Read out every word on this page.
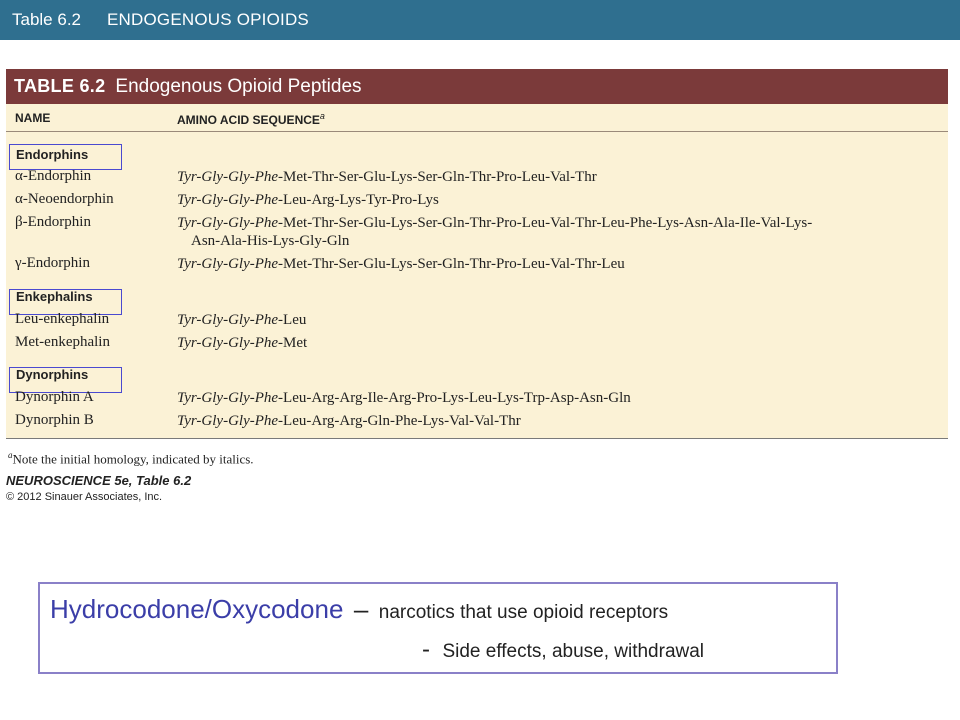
Table 6.2 ENDOGENOUS OPIOIDS
TABLE 6.2 Endogenous Opioid Peptides
NAME	AMINO ACID SEQUENCE$^a$
Endorphins
α-Endorphin	Tyr-Gly-Gly-Phe-Met-Thr-Ser-Glu-Lys-Ser-Gln-Thr-Pro-Leu-Val-Thr
α-Neoendorphin	Tyr-Gly-Gly-Phe-Leu-Arg-Lys-Tyr-Pro-Lys
β-Endorphin	Tyr-Gly-Gly-Phe-Met-Thr-Ser-Glu-Lys-Ser-Gln-Thr-Pro-Leu-Val-Thr-Leu-Phe-Lys-Asn-Ala-Ile-Val-Lys-
Asn-Ala-His-Lys-Gly-Gln
γ-Endorphin	Tyr-Gly-Gly-Phe-Met-Thr-Ser-Glu-Lys-Ser-Gln-Thr-Pro-Leu-Val-Thr-Leu
Enkephalins
Leu-enkephalin	Tyr-Gly-Gly-Phe-Leu
Met-enkephalin	Tyr-Gly-Gly-Phe-Met
Dynorphins
Dynorphin A	Tyr-Gly-Gly-Phe-Leu-Arg-Arg-Ile-Arg-Pro-Lys-Leu-Lys-Trp-Asp-Asn-Gln
Dynorphin B	Tyr-Gly-Gly-Phe-Leu-Arg-Arg-Gln-Phe-Lys-Val-Val-Thr
$^a$Note the initial homology, indicated by italics.
NEUROSCIENCE 5e, Table 6.2
© 2012 Sinauer Associates, Inc.
Hydrocodone/Oxycodone – narcotics that use opioid receptors
- Side effects, abuse, withdrawal
